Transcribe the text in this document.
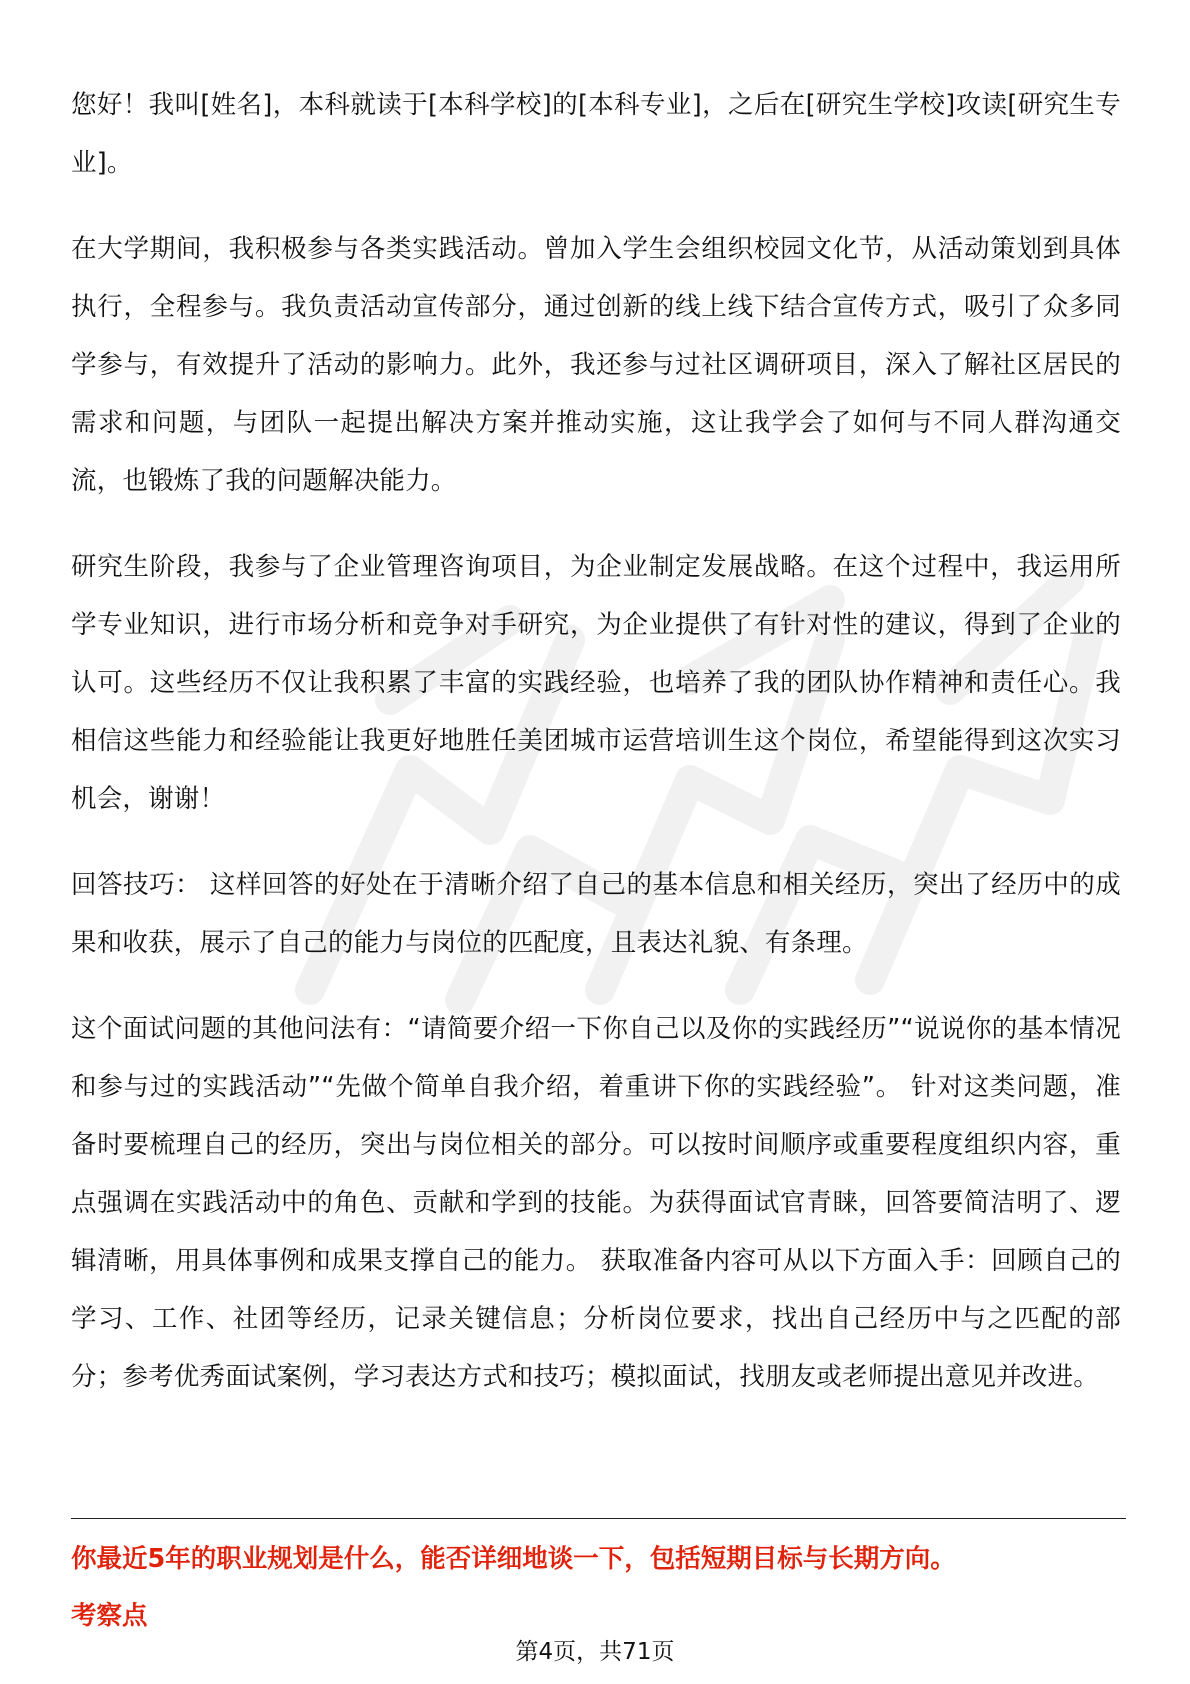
您好！我叫[姓名]，本科就读于[本科学校]的[本科专业]，之后在[研究生学校]攻读[研究生专业]。

在大学期间，我积极参与各类实践活动。曾加入学生会组织校园文化节，从活动策划到具体执行，全程参与。我负责活动宣传部分，通过创新的线上线下结合宣传方式，吸引了众多同学参与，有效提升了活动的影响力。此外，我还参与过社区调研项目，深入了解社区居民的需求和问题，与团队一起提出解决方案并推动实施，这让我学会了如何与不同人群沟通交流，也锻炼了我的问题解决能力。

研究生阶段，我参与了企业管理咨询项目，为企业制定发展战略。在这个过程中，我运用所学专业知识，进行市场分析和竞争对手研究，为企业提供了有针对性的建议，得到了企业的认可。这些经历不仅让我积累了丰富的实践经验，也培养了我的团队协作精神和责任心。我相信这些能力和经验能让我更好地胜任美团城市运营培训生这个岗位，希望能得到这次实习机会，谢谢！

回答技巧： 这样回答的好处在于清晰介绍了自己的基本信息和相关经历，突出了经历中的成果和收获，展示了自己的能力与岗位的匹配度，且表达礼貌、有条理。

这个面试问题的其他问法有：“请简要介绍一下你自己以及你的实践经历”“说说你的基本情况和参与过的实践活动”“先做个简单自我介绍，着重讲下你的实践经验”。 针对这类问题，准备时要梳理自己的经历，突出与岗位相关的部分。可以按时间顺序或重要程度组织内容，重点强调在实践活动中的角色、贡献和学到的技能。为获得面试官青睐，回答要简洁明了、逻辑清晰，用具体事例和成果支撑自己的能力。 获取准备内容可从以下方面入手：回顾自己的学习、工作、社团等经历，记录关键信息；分析岗位要求，找出自己经历中与之匹配的部分；参考优秀面试案例，学习表达方式和技巧；模拟面试，找朋友或老师提出意见并改进。

你最近5年的职业规划是什么，能否详细地谈一下，包括短期目标与长期方向。

考察点

第4页，共71页
